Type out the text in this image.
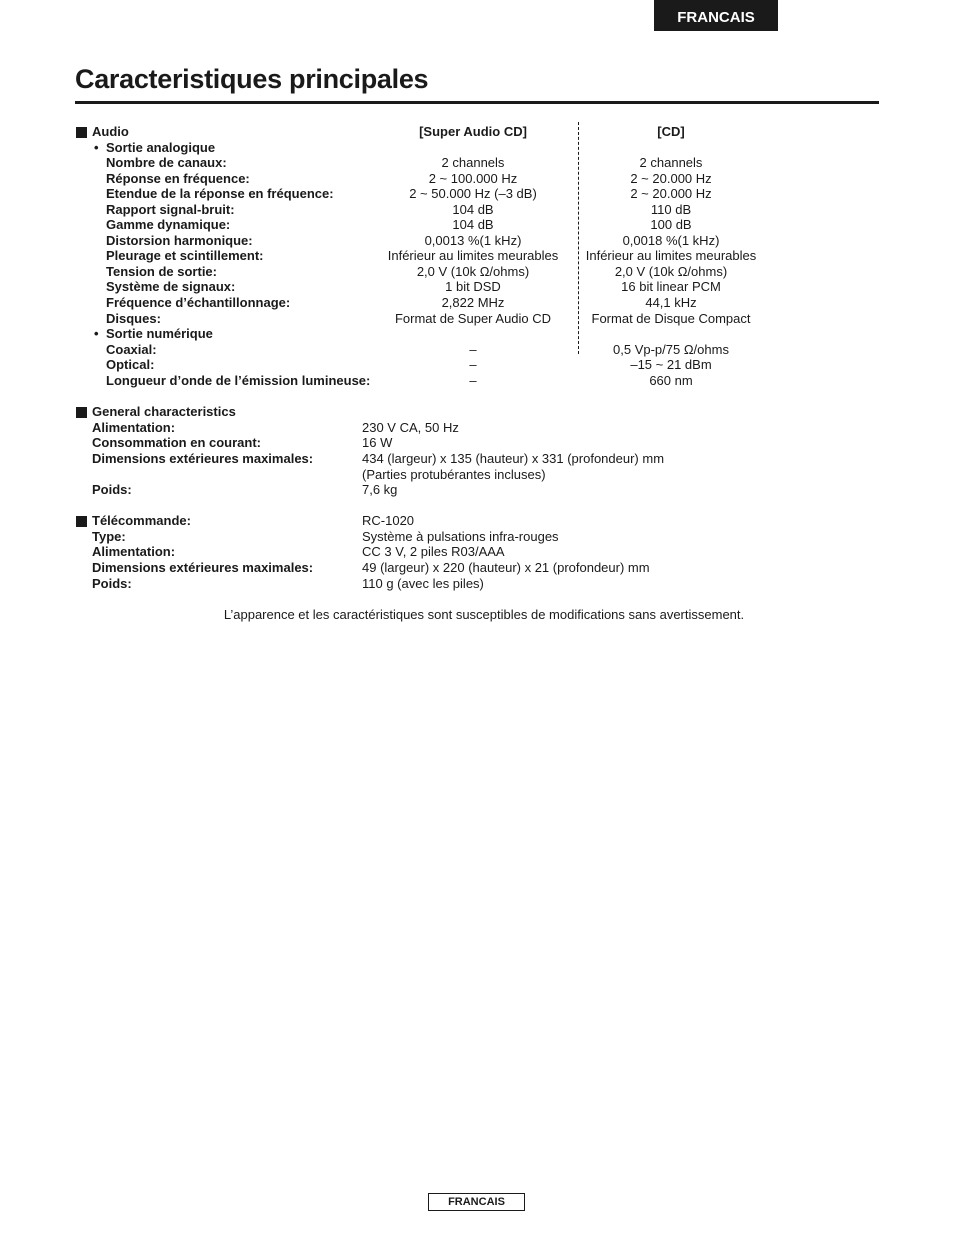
FRANCAIS
Caracteristiques principales
Audio	[Super Audio CD]	[CD]
• Sortie analogique
Nombre de canaux:	2 channels	2 channels
Réponse en fréquence:	2 ~ 100.000 Hz	2 ~ 20.000 Hz
Etendue de la réponse en fréquence:	2 ~ 50.000 Hz (–3 dB)	2 ~ 20.000 Hz
Rapport signal-bruit:	104 dB	110 dB
Gamme dynamique:	104 dB	100 dB
Distorsion harmonique:	0,0013 %(1 kHz)	0,0018 %(1 kHz)
Pleurage et scintillement:	Inférieur au limites meurables	Inférieur au limites meurables
Tension de sortie:	2,0 V (10k Ω/ohms)	2,0 V (10k Ω/ohms)
Système de signaux:	1 bit DSD	16 bit linear PCM
Fréquence d’échantillonnage:	2,822 MHz	44,1 kHz
Disques:	Format de Super Audio CD	Format de Disque Compact
• Sortie numérique
Coaxial:	–	0,5 Vp-p/75 Ω/ohms
Optical:	–	–15 ~ 21 dBm
Longueur d’onde de l’émission lumineuse:	–	660 nm
General characteristics
Alimentation:	230 V CA, 50 Hz
Consommation en courant:	16 W
Dimensions extérieures maximales:	434 (largeur) x 135 (hauteur) x 331 (profondeur) mm
(Parties protubérantes incluses)
Poids:	7,6 kg
Télécommande:	RC-1020
Type:	Système à pulsations infra-rouges
Alimentation:	CC 3 V, 2 piles R03/AAA
Dimensions extérieures maximales:	49 (largeur) x 220 (hauteur) x 21 (profondeur) mm
Poids:	110 g (avec les piles)
L’apparence et les caractéristiques sont susceptibles de modifications sans avertissement.
FRANCAIS
